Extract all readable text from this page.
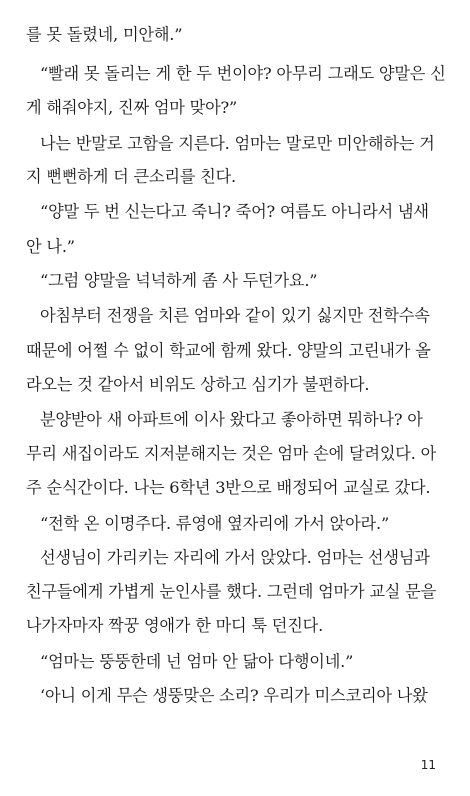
를 못 돌렸네, 미안해.”
“빨래 못 돌리는 게 한 두 번이야? 아무리 그래도 양말은 신
게 해줘야지, 진짜 엄마 맞아?”
나는 반말로 고함을 지른다. 엄마는 말로만 미안해하는 거
지 뻔뻔하게 더 큰소리를 친다.
“양말 두 번 신는다고 죽니? 죽어? 여름도 아니라서 냄새
안 나.”
“그럼 양말을 넉넉하게 좀 사 두던가요.”
아침부터 전쟁을 치른 엄마와 같이 있기 싫지만 전학수속
때문에 어쩔 수 없이 학교에 함께 왔다. 양말의 고린내가 올
라오는 것 같아서 비위도 상하고 심기가 불편하다.
분양받아 새 아파트에 이사 왔다고 좋아하면 뭐하나? 아
무리 새집이라도 지저분해지는 것은 엄마 손에 달려있다. 아
주 순식간이다. 나는 6학년 3반으로 배정되어 교실로 갔다.
“전학 온 이명주다. 류영애 옆자리에 가서 앉아라.”
선생님이 가리키는 자리에 가서 앉았다. 엄마는 선생님과
친구들에게 가볍게 눈인사를 했다. 그런데 엄마가 교실 문을
나가자마자 짝꿍 영애가 한 마디 툭 던진다.
“엄마는 뚱뚱한데 넌 엄마 안 닮아 다행이네.”
‘아니 이게 무슨 생뚱맞은 소리? 우리가 미스코리아 나왔
11
